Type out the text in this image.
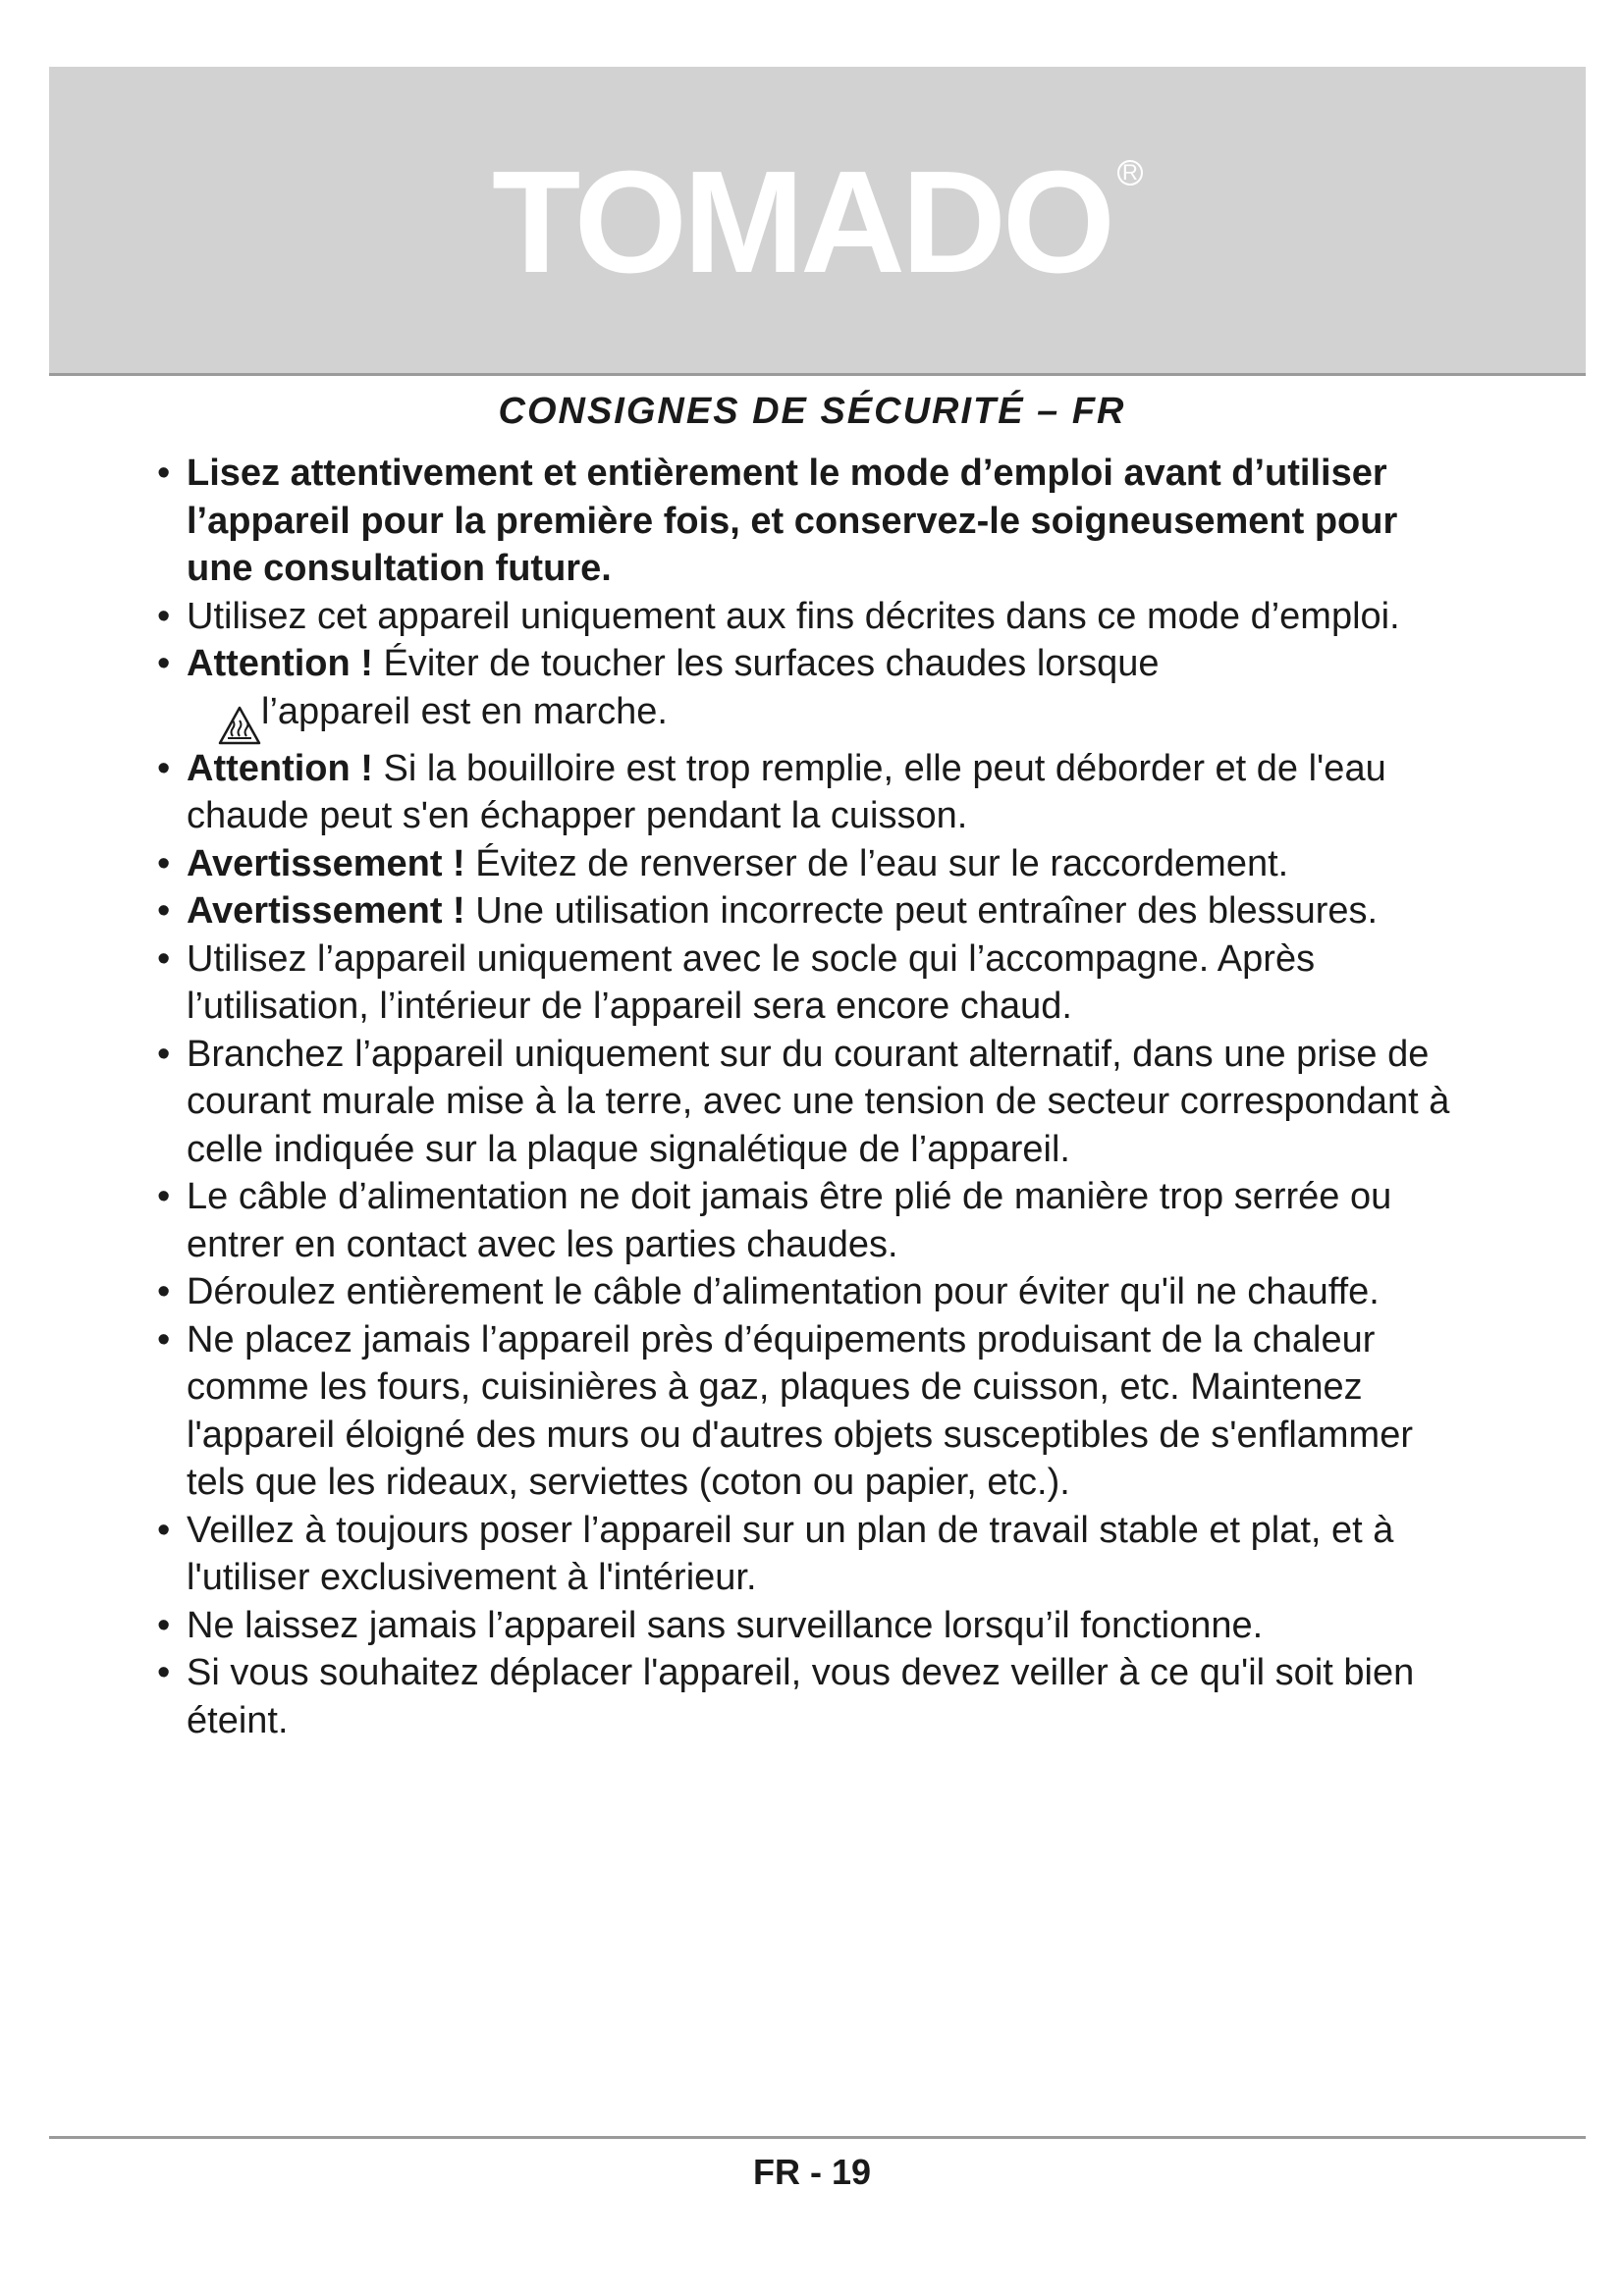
TOMADO R
CONSIGNES DE SÉCURITÉ – FR
• Lisez attentivement et entièrement le mode d’emploi avant d’utiliser l’appareil pour la première fois, et conservez-le soigneusement pour une consultation future.
• Utilisez cet appareil uniquement aux fins décrites dans ce mode d’emploi.
• Attention ! Éviter de toucher les surfaces chaudes lorsque
l’appareil est en marche.
• Attention ! Si la bouilloire est trop remplie, elle peut déborder et de l'eau chaude peut s'en échapper pendant la cuisson.
• Avertissement ! Évitez de renverser de l’eau sur le raccordement.
• Avertissement ! Une utilisation incorrecte peut entraîner des blessures.
• Utilisez l’appareil uniquement avec le socle qui l’accompagne. Après l’utilisation, l’intérieur de l’appareil sera encore chaud.
• Branchez l’appareil uniquement sur du courant alternatif, dans une prise de courant murale mise à la terre, avec une tension de secteur correspondant à celle indiquée sur la plaque signalétique de l’appareil.
• Le câble d’alimentation ne doit jamais être plié de manière trop serrée ou entrer en contact avec les parties chaudes.
• Déroulez entièrement le câble d’alimentation pour éviter qu'il ne chauffe.
• Ne placez jamais l’appareil près d’équipements produisant de la chaleur comme les fours, cuisinières à gaz, plaques de cuisson, etc. Maintenez l'appareil éloigné des murs ou d'autres objets susceptibles de s'enflammer tels que les rideaux, serviettes (coton ou papier, etc.).
• Veillez à toujours poser l’appareil sur un plan de travail stable et plat, et à l'utiliser exclusivement à l'intérieur.
• Ne laissez jamais l’appareil sans surveillance lorsqu’il fonctionne.
• Si vous souhaitez déplacer l'appareil, vous devez veiller à ce qu'il soit bien éteint.
FR - 19
